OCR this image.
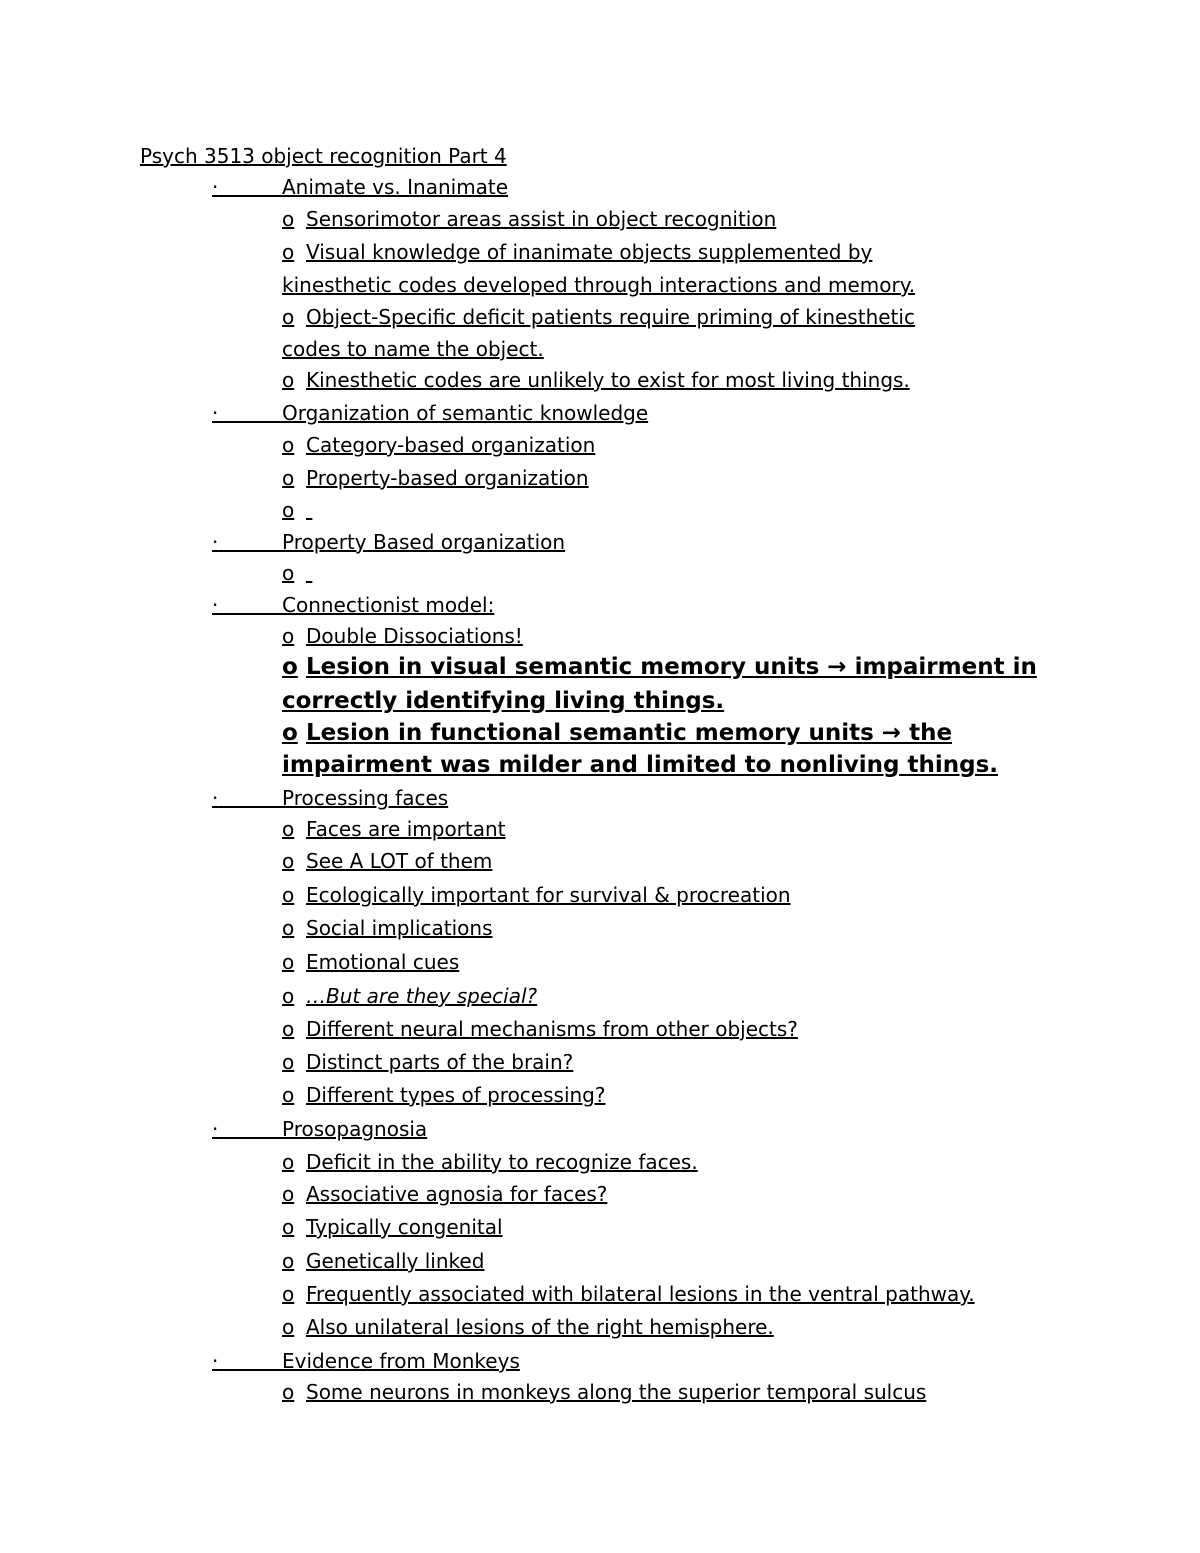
Psych 3513 object recognition Part 4
·	Animate vs. Inanimate
o Sensorimotor areas assist in object recognition
o Visual knowledge of inanimate objects supplemented by
kinesthetic codes developed through interactions and memory.
o Object-Specific deficit patients require priming of kinesthetic
codes to name the object.
o Kinesthetic codes are unlikely to exist for most living things.
·	Organization of semantic knowledge
o Category-based organization
o Property-based organization
o

·	Property Based organization
o

·	Connectionist model:
o Double Dissociations!
o Lesion in visual semantic memory units → impairment in
correctly identifying living things.
o Lesion in functional semantic memory units → the
impairment was milder and limited to nonliving things.
·	Processing faces
o Faces are important
o See A LOT of them
o Ecologically important for survival & procreation
o Social implications
o Emotional cues
o …But are they special?
o Different neural mechanisms from other objects?
o Distinct parts of the brain?
o Different types of processing?
·	Prosopagnosia
o Deficit in the ability to recognize faces.
o Associative agnosia for faces?
o Typically congenital
o Genetically linked
o Frequently associated with bilateral lesions in the ventral pathway.
o Also unilateral lesions of the right hemisphere.
·	Evidence from Monkeys
o Some neurons in monkeys along the superior temporal sulcus
